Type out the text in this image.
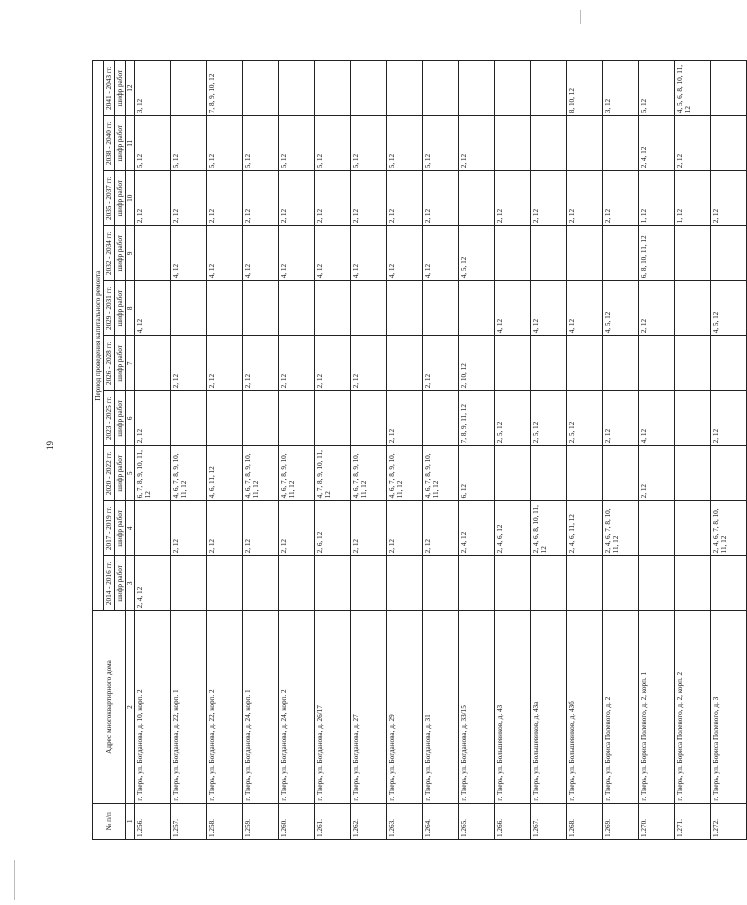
19
№ п/п	Адрес многоквартирного дома	Период проведения капитального ремонта									
		2014 - 2016 гг.	2017 - 2019 гг.	2020 - 2022 гг.	2023 - 2025 гг.	2026 - 2028 гг.	2029 - 2031 гг.	2032 - 2034 гг.	2035 - 2037 гг.	2038 - 2040 гг.	2041 - 2043 гг.
		шифр работ	шифр работ	шифр работ	шифр работ	шифр работ	шифр работ	шифр работ	шифр работ	шифр работ	шифр работ
1	2	3	4	5	6	7	8	9	10	11	12
1.256.	г. Тверь, ул. Богданова, д. 10, корп. 2	2, 4, 12		6, 7, 8, 9, 10, 11, 12	2, 12		4, 12		2, 12	5, 12	3, 12
1.257.	г. Тверь, ул. Богданова, д. 22, корп. 1		2, 12	4, 6, 7, 8, 9, 10, 11, 12		2, 12		4, 12	2, 12	5, 12	
1.258.	г. Тверь, ул. Богданова, д. 22, корп. 2		2, 12	4, 6, 11, 12		2, 12		4, 12	2, 12	5, 12	7, 8, 9, 10, 12
1.259.	г. Тверь, ул. Богданова, д. 24, корп. 1		2, 12	4, 6, 7, 8, 9, 10, 11, 12		2, 12		4, 12	2, 12	5, 12	
1.260.	г. Тверь, ул. Богданова, д. 24, корп. 2		2, 12	4, 6, 7, 8, 9, 10, 11, 12		2, 12		4, 12	2, 12	5, 12	
1.261.	г. Тверь, ул. Богданова, д. 26/17		2, 6, 12	4, 7, 8, 9, 10, 11, 12		2, 12		4, 12	2, 12	5, 12	
1.262.	г. Тверь, ул. Богданова, д. 27		2, 12	4, 6, 7, 8, 9, 10, 11, 12		2, 12		4, 12	2, 12	5, 12	
1.263.	г. Тверь, ул. Богданова, д. 29		2, 12	4, 6, 7, 8, 9, 10, 11, 12	2, 12			4, 12	2, 12	5, 12	
1.264.	г. Тверь, ул. Богданова, д. 31		2, 12	4, 6, 7, 8, 9, 10, 11, 12		2, 12		4, 12	2, 12	5, 12	
1.265.	г. Тверь, ул. Богданова, д. 33/15		2, 4, 12	6, 12	7, 8, 9, 11, 12	2, 10, 12		4, 5, 12		2, 12	
1.266.	г. Тверь, ул. Большевиков, д. 43		2, 4, 6, 12		2, 5, 12		4, 12		2, 12		
1.267.	г. Тверь, ул. Большевиков, д. 43а		2, 4, 6, 8, 10, 11, 12		2, 5, 12		4, 12		2, 12		
1.268.	г. Тверь, ул. Большевиков, д. 43б		2, 4, 6, 11, 12		2, 5, 12		4, 12		2, 12		8, 10, 12
1.269.	г. Тверь, ул. Бориса Полевого, д. 2		2, 4, 6, 7, 8, 10, 11, 12		2, 12		4, 5, 12		2, 12		3, 12
1.270.	г. Тверь, ул. Бориса Полевого, д. 2, корп. 1			2, 12	4, 12		2, 12	6, 8, 10, 11, 12	1, 12	2, 4, 12	5, 12
1.271.	г. Тверь, ул. Бориса Полевого, д. 2, корп. 2								1, 12	2, 12	4, 5, 6, 8, 10, 11, 12
1.272.	г. Тверь, ул. Бориса Полевого, д. 3		2, 4, 6, 7, 8, 10, 11, 12		2, 12		4, 5, 12		2, 12		
